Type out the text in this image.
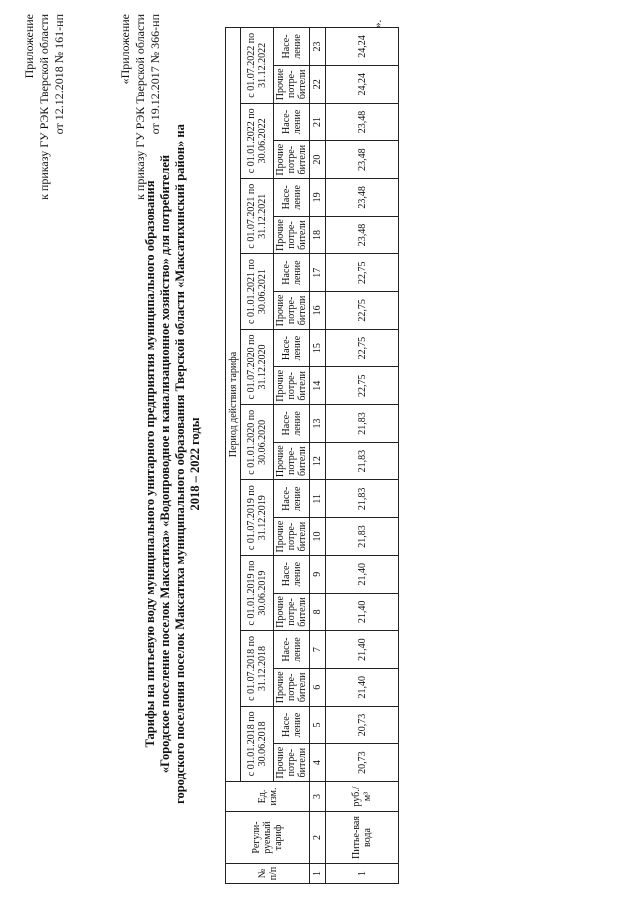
Приложение к приказу ГУ РЭК Тверской области от 12.12.2018 № 161-нп	«Приложение к приказу ГУ РЭК Тверской области от 19.12.2017 № 366-нп
Тарифы на питьевую воду муниципального унитарного предприятия муниципального образования «Городское поселение поселок Максатиха» «Водопроводное и канализационное хозяйство» для потребителей городского поселения поселок Максатиха муниципального образования Тверской области «Максатихинский район» на 2018 – 2022 годы
№ п/п	Регули-руемый тариф	Ед. изм.	Период действия тарифа																			
			с 01.01.2018 по 30.06.2018		с 01.07.2018 по 31.12.2018		с 01.01.2019 по 30.06.2019		с 01.07.2019 по 31.12.2019		с 01.01.2020 по 30.06.2020		с 01.07.2020 по 31.12.2020		с 01.01.2021 по 30.06.2021		с 01.07.2021 по 31.12.2021		с 01.01.2022 по 30.06.2022		с 01.07.2022 по 31.12.2022	
			Прочие потре-бители	Насе-ление	Прочие потре-бители	Насе-ление	Прочие потре-бители	Насе-ление	Прочие потре-бители	Насе-ление	Прочие потре-бители	Насе-ление	Прочие потре-бители	Насе-ление	Прочие потре-бители	Насе-ление	Прочие потре-бители	Насе-ление	Прочие потре-бители	Насе-ление	Прочие потре-бители	Насе-ление
1	2	3	4	5	6	7	8	9	10	11	12	13	14	15	16	17	18	19	20	21	22	23
1	Питье-вая вода	руб./м³	20,73	20,73	21,40	21,40	21,40	21,40	21,83	21,83	21,83	21,83	22,75	22,75	22,75	22,75	23,48	23,48	23,48	23,48	24,24	24,24
».
